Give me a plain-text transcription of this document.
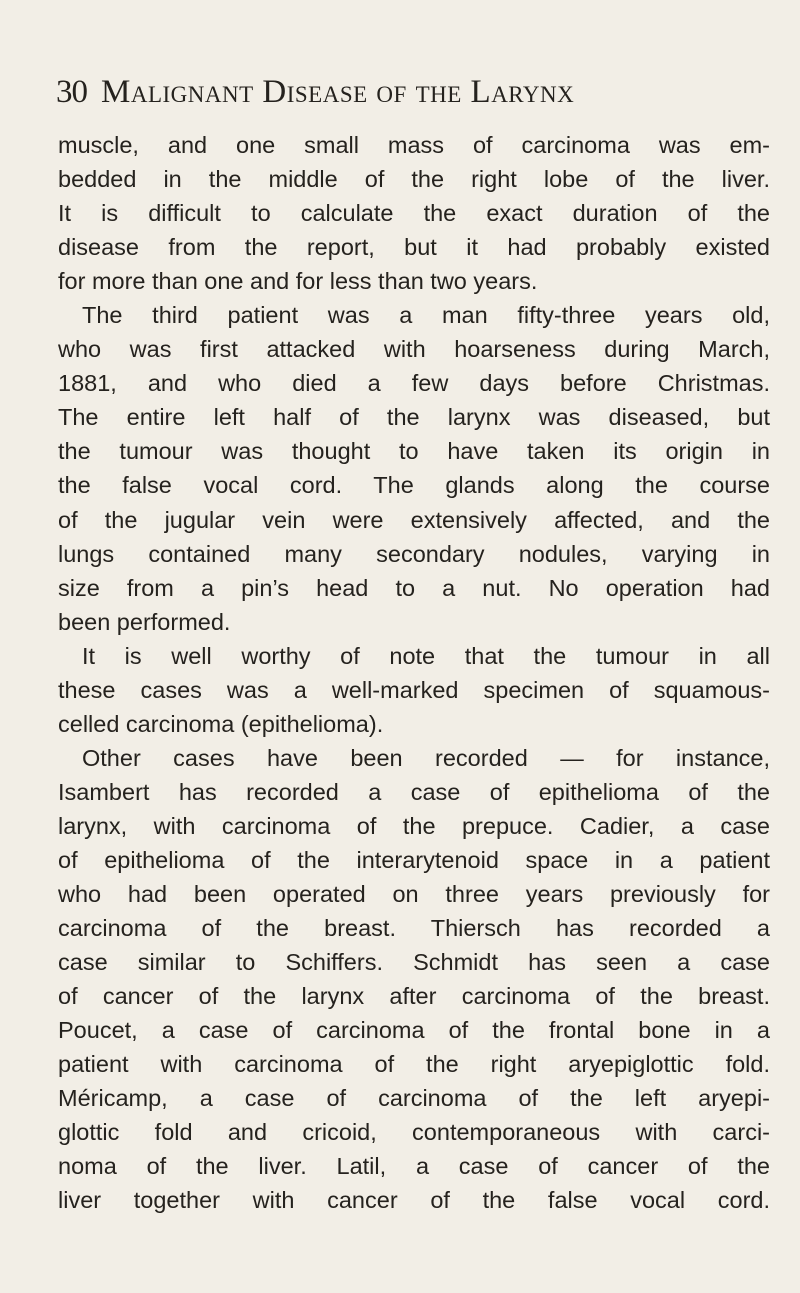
30 Malignant Disease of the Larynx
muscle, and one small mass of carcinoma was em-
bedded in the middle of the right lobe of the liver.
It is difficult to calculate the exact duration of the
disease from the report, but it had probably existed
for more than one and for less than two years.
The third patient was a man fifty-three years old,
who was first attacked with hoarseness during March,
1881, and who died a few days before Christmas.
The entire left half of the larynx was diseased, but
the tumour was thought to have taken its origin in
the false vocal cord. The glands along the course
of the jugular vein were extensively affected, and the
lungs contained many secondary nodules, varying in
size from a pin’s head to a nut. No operation had
been performed.
It is well worthy of note that the tumour in all
these cases was a well-marked specimen of squamous-
celled carcinoma (epithelioma).
Other cases have been recorded — for instance,
Isambert has recorded a case of epithelioma of the
larynx, with carcinoma of the prepuce. Cadier, a case
of epithelioma of the interarytenoid space in a patient
who had been operated on three years previously for
carcinoma of the breast. Thiersch has recorded a
case similar to Schiffers. Schmidt has seen a case
of cancer of the larynx after carcinoma of the breast.
Poucet, a case of carcinoma of the frontal bone in a
patient with carcinoma of the right aryepiglottic fold.
Méricamp, a case of carcinoma of the left aryepi-
glottic fold and cricoid, contemporaneous with carci-
noma of the liver. Latil, a case of cancer of the
liver together with cancer of the false vocal cord.
